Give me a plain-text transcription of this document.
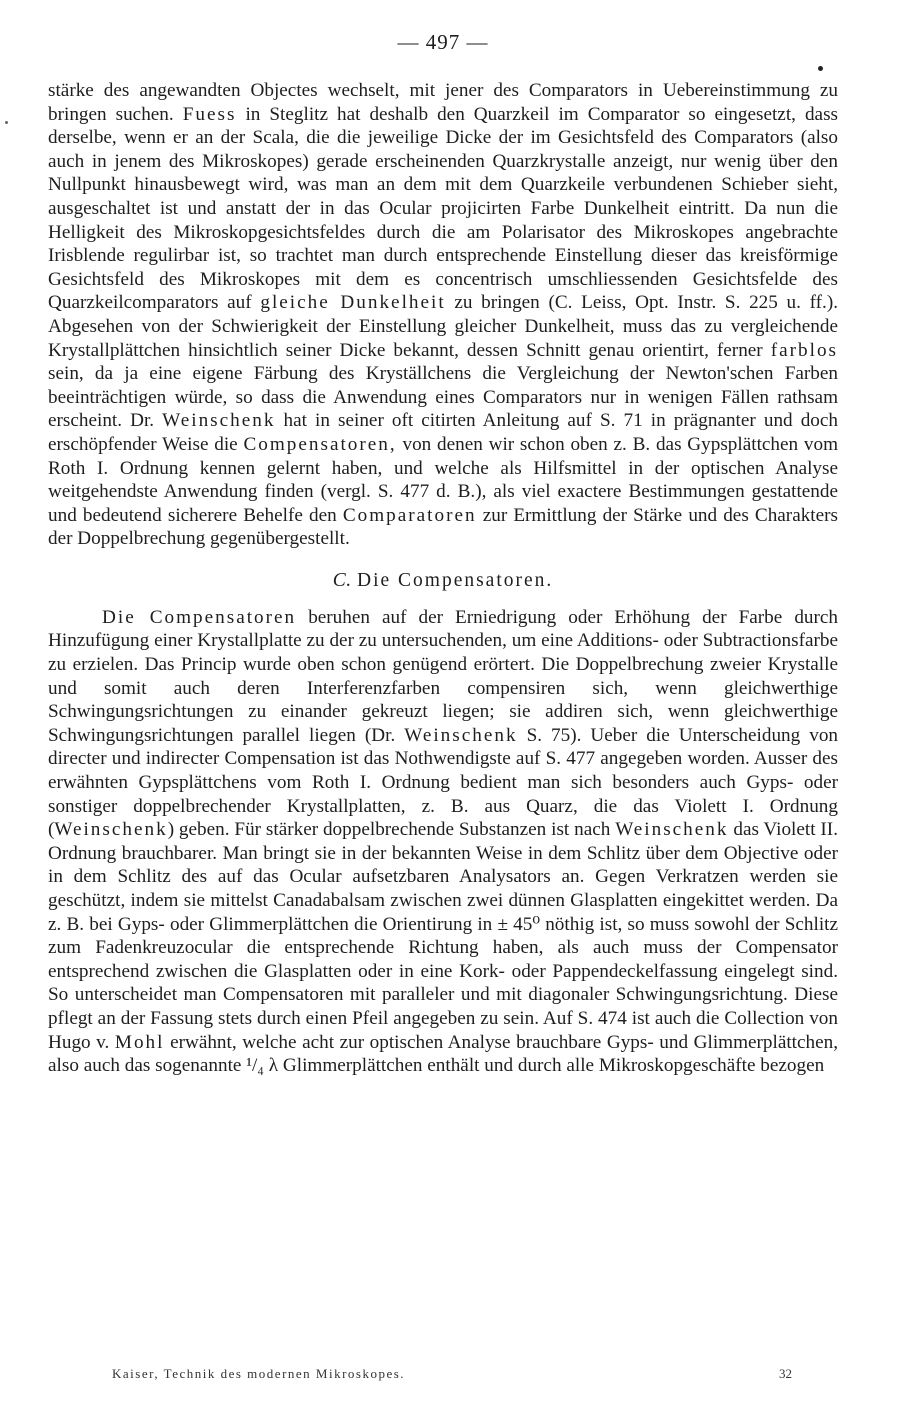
— 497 —

stärke des angewandten Objectes wechselt, mit jener des Comparators in Uebereinstimmung zu bringen suchen. Fuess in Steglitz hat deshalb den Quarzkeil im Comparator so eingesetzt, dass derselbe, wenn er an der Scala, die die jeweilige Dicke der im Gesichtsfeld des Comparators (also auch in jenem des Mikroskopes) gerade erscheinenden Quarzkrystalle anzeigt, nur wenig über den Nullpunkt hinausbewegt wird, was man an dem mit dem Quarzkeile verbundenen Schieber sieht, ausgeschaltet ist und anstatt der in das Ocular projicirten Farbe Dunkelheit eintritt. Da nun die Helligkeit des Mikroskopgesichtsfeldes durch die am Polarisator des Mikroskopes angebrachte Irisblende regulirbar ist, so trachtet man durch entsprechende Einstellung dieser das kreisförmige Gesichtsfeld des Mikroskopes mit dem es concentrisch umschliessenden Gesichtsfelde des Quarzkeilcomparators auf gleiche Dunkelheit zu bringen (C. Leiss, Opt. Instr. S. 225 u. ff.). Abgesehen von der Schwierigkeit der Einstellung gleicher Dunkelheit, muss das zu vergleichende Krystallplättchen hinsichtlich seiner Dicke bekannt, dessen Schnitt genau orientirt, ferner farblos sein, da ja eine eigene Färbung des Kryställchens die Vergleichung der Newton'schen Farben beeinträchtigen würde, so dass die Anwendung eines Comparators nur in wenigen Fällen rathsam erscheint. Dr. Weinschenk hat in seiner oft citirten Anleitung auf S. 71 in prägnanter und doch erschöpfender Weise die Compensatoren, von denen wir schon oben z. B. das Gypsplättchen vom Roth I. Ordnung kennen gelernt haben, und welche als Hilfsmittel in der optischen Analyse weitgehendste Anwendung finden (vergl. S. 477 d. B.), als viel exactere Bestimmungen gestattende und bedeutend sicherere Behelfe den Comparatoren zur Ermittlung der Stärke und des Charakters der Doppelbrechung gegenübergestellt.

C. Die Compensatoren.

Die Compensatoren beruhen auf der Erniedrigung oder Erhöhung der Farbe durch Hinzufügung einer Krystallplatte zu der zu untersuchenden, um eine Additions- oder Subtractionsfarbe zu erzielen. Das Princip wurde oben schon genügend erörtert. Die Doppelbrechung zweier Krystalle und somit auch deren Interferenzfarben compensiren sich, wenn gleichwerthige Schwingungsrichtungen zu einander gekreuzt liegen; sie addiren sich, wenn gleichwerthige Schwingungsrichtungen parallel liegen (Dr. Weinschenk S. 75). Ueber die Unterscheidung von directer und indirecter Compensation ist das Nothwendigste auf S. 477 angegeben worden. Ausser des erwähnten Gypsplättchens vom Roth I. Ordnung bedient man sich besonders auch Gyps- oder sonstiger doppelbrechender Krystallplatten, z. B. aus Quarz, die das Violett I. Ordnung (Weinschenk) geben. Für stärker doppelbrechende Substanzen ist nach Weinschenk das Violett II. Ordnung brauchbarer. Man bringt sie in der bekannten Weise in dem Schlitz über dem Objective oder in dem Schlitz des auf das Ocular aufsetzbaren Analysators an. Gegen Verkratzen werden sie geschützt, indem sie mittelst Canadabalsam zwischen zwei dünnen Glasplatten eingekittet werden. Da z. B. bei Gyps- oder Glimmerplättchen die Orientirung in ± 45⁰ nöthig ist, so muss sowohl der Schlitz zum Fadenkreuzocular die entsprechende Richtung haben, als auch muss der Compensator entsprechend zwischen die Glasplatten oder in eine Kork- oder Pappendeckelfassung eingelegt sind. So unterscheidet man Compensatoren mit paralleler und mit diagonaler Schwingungsrichtung. Diese pflegt an der Fassung stets durch einen Pfeil angegeben zu sein. Auf S. 474 ist auch die Collection von Hugo v. Mohl erwähnt, welche acht zur optischen Analyse brauchbare Gyps- und Glimmerplättchen, also auch das sogenannte ¹/₄ λ Glimmerplättchen enthält und durch alle Mikroskopgeschäfte bezogen

Kaiser, Technik des modernen Mikroskopes.	32
